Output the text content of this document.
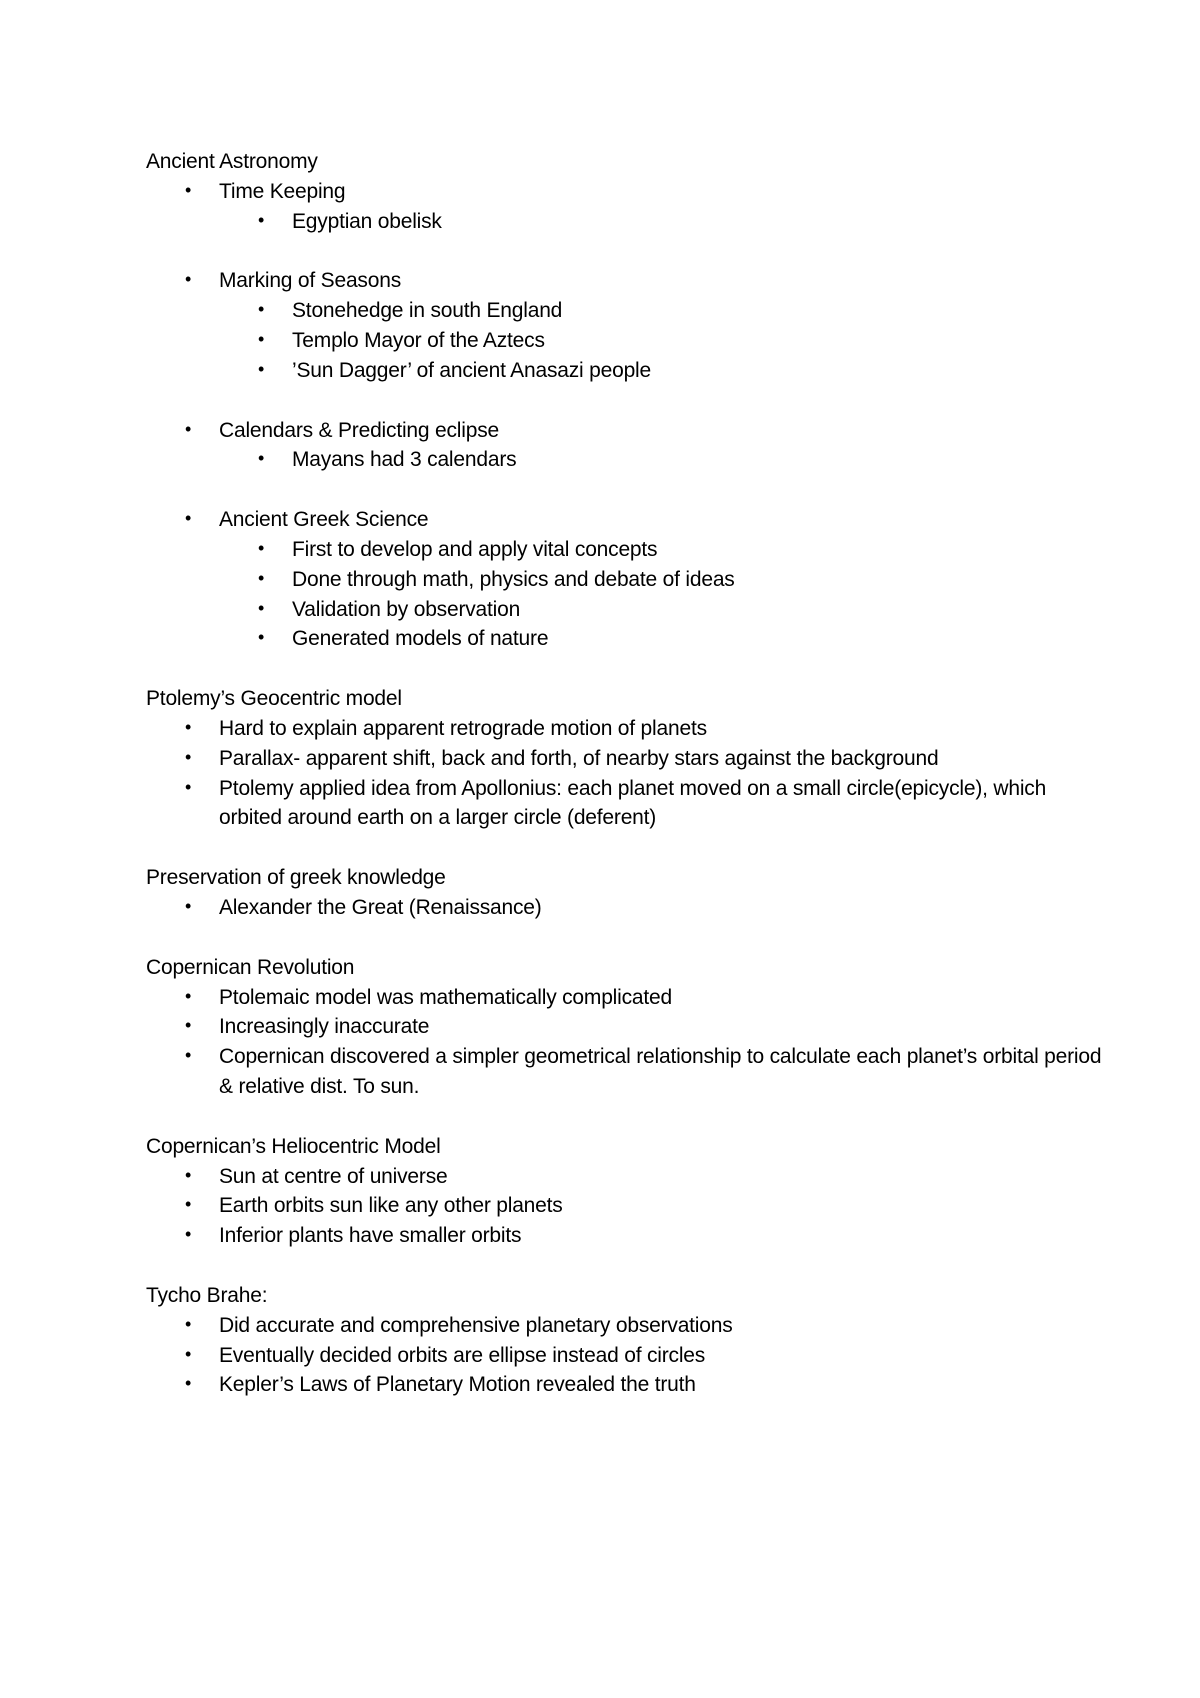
Ancient Astronomy

•	Time Keeping
•	Egyptian obelisk
•	Marking of Seasons
•	Stonehedge in south England
•	Templo Mayor of the Aztecs
•	’Sun Dagger’ of ancient Anasazi people
•	Calendars & Predicting eclipse
•	Mayans had 3 calendars
•	Ancient Greek Science
•	First to develop and apply vital concepts
•	Done through math, physics and debate of ideas
•	Validation by observation
•	Generated models of nature

Ptolemy’s Geocentric model

•	Hard to explain apparent retrograde motion of planets
•	Parallax- apparent shift, back and forth, of nearby stars against the background
•	Ptolemy applied idea from Apollonius: each planet moved on a small circle(epicycle), which orbited around earth on a larger circle (deferent)

Preservation of greek knowledge

•	Alexander the Great (Renaissance)

Copernican Revolution

•	Ptolemaic model was mathematically complicated
•	Increasingly inaccurate
•	Copernican discovered a simpler geometrical relationship to calculate each planet’s orbital period & relative dist. To sun.

Copernican’s Heliocentric Model

•	Sun at centre of universe
•	Earth orbits sun like any other planets
•	Inferior plants have smaller orbits

Tycho Brahe:

•	Did accurate and comprehensive planetary observations
•	Eventually decided orbits are ellipse instead of circles
•	Kepler’s Laws of Planetary Motion revealed the truth
